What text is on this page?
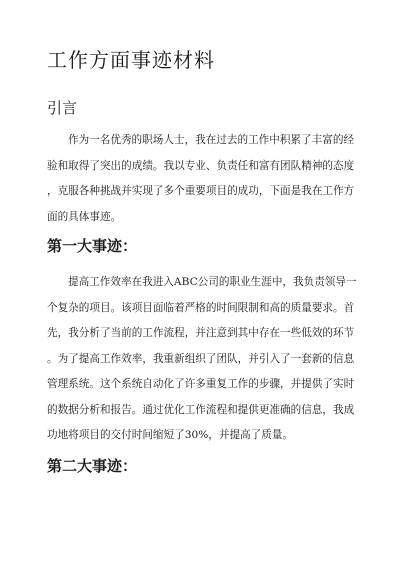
工作方面事迹材料
引言
作为一名优秀的职场人士，我在过去的工作中积累了丰富的经
验和取得了突出的成绩。我以专业、负责任和富有团队精神的态度
，克服各种挑战并实现了多个重要项目的成功，下面是我在工作方
面的具体事迹。
第一大事迹：
提高工作效率在我进入ABC公司的职业生涯中，我负责领导一
个复杂的项目。该项目面临着严格的时间限制和高的质量要求。首
先，我分析了当前的工作流程，并注意到其中存在一些低效的环节
。为了提高工作效率，我重新组织了团队，并引入了一套新的信息
管理系统。这个系统自动化了许多重复工作的步骤，并提供了实时
的数据分析和报告。通过优化工作流程和提供更准确的信息，我成
功地将项目的交付时间缩短了30%，并提高了质量。
第二大事迹：
